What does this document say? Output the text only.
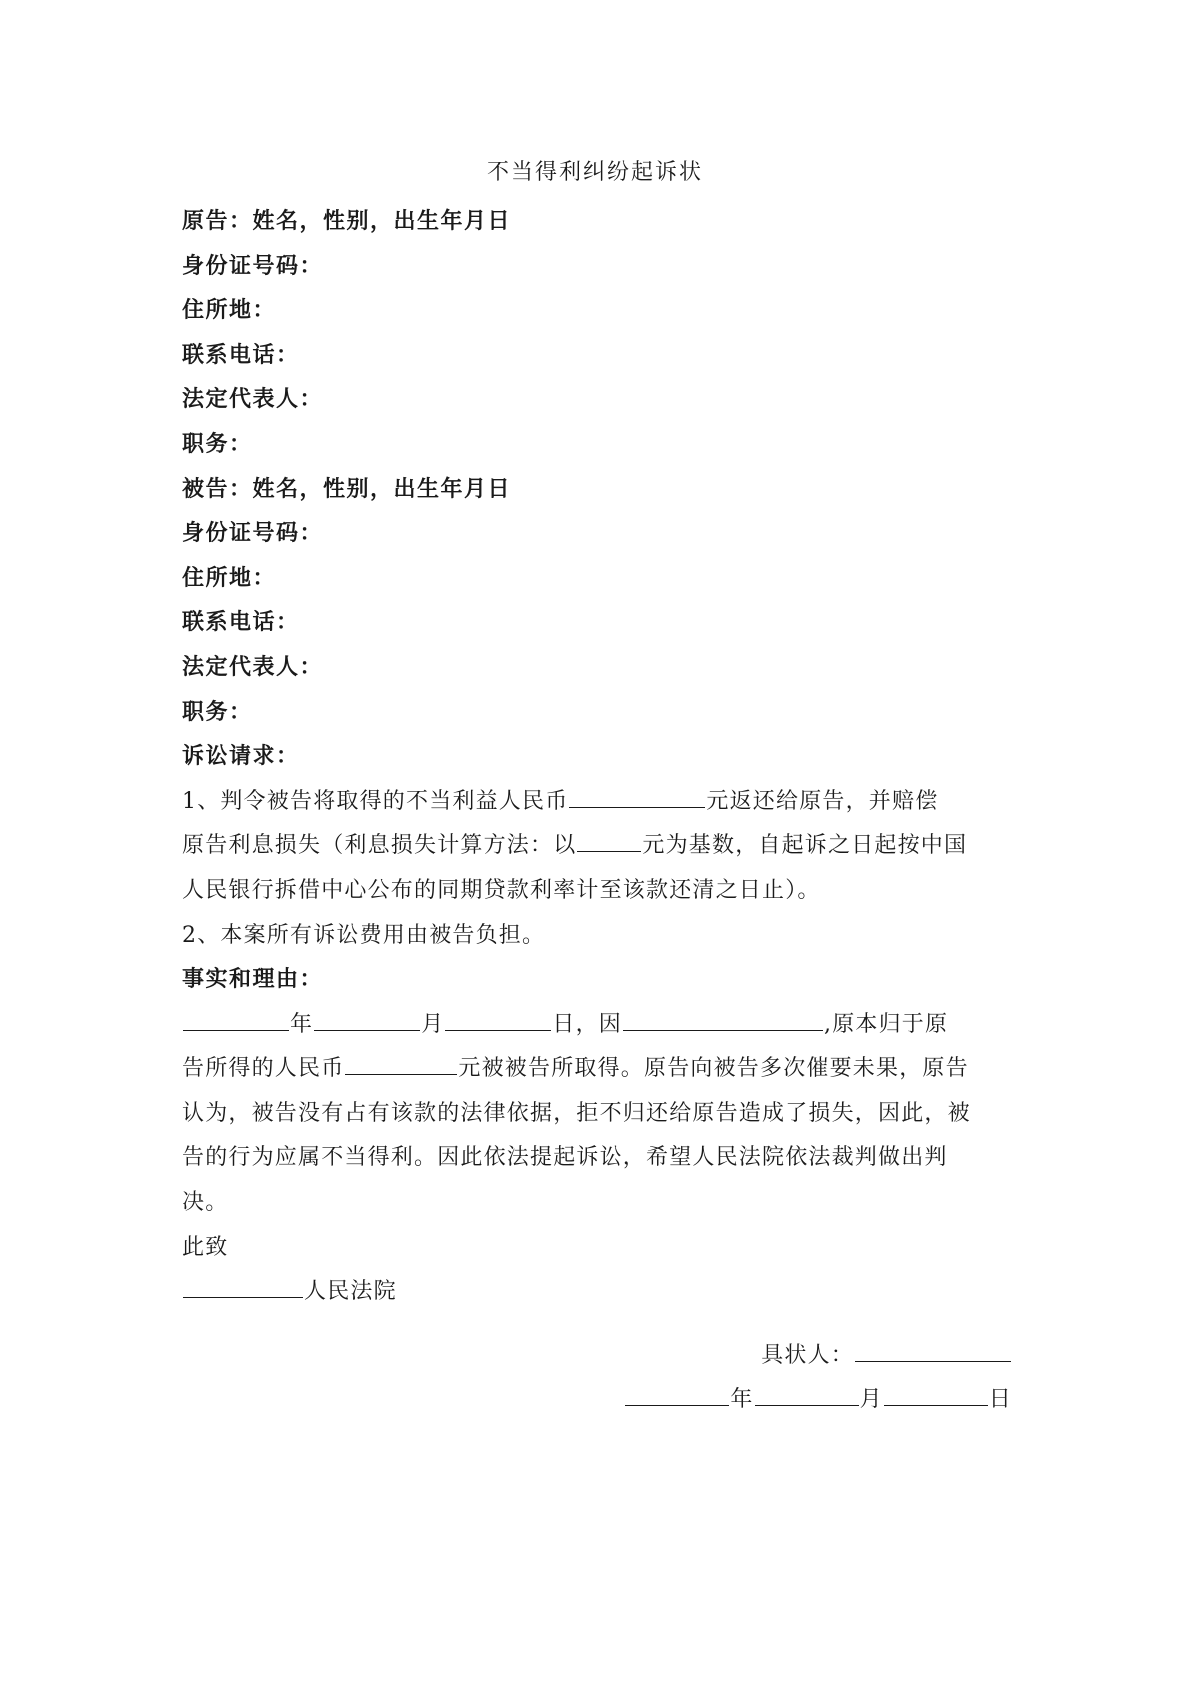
不当得利纠纷起诉状
原告：姓名，性别，出生年月日
身份证号码：
住所地：
联系电话：
法定代表人：
职务：
被告：姓名，性别，出生年月日
身份证号码：
住所地：
联系电话：
法定代表人：
职务：
诉讼请求：
1、判令被告将取得的不当利益人民币	元返还给原告，并赔偿
原告利息损失（利息损失计算方法：以	元为基数，自起诉之日起按中国
人民银行拆借中心公布的同期贷款利率计至该款还清之日止）。
2、本案所有诉讼费用由被告负担。
事实和理由：
年	月	日，因	,原本归于原
告所得的人民币	元被被告所取得。原告向被告多次催要未果，原告
认为，被告没有占有该款的法律依据，拒不归还给原告造成了损失，因此，被
告的行为应属不当得利。因此依法提起诉讼，希望人民法院依法裁判做出判
决。
此致
人民法院
具状人：
年	月	日
